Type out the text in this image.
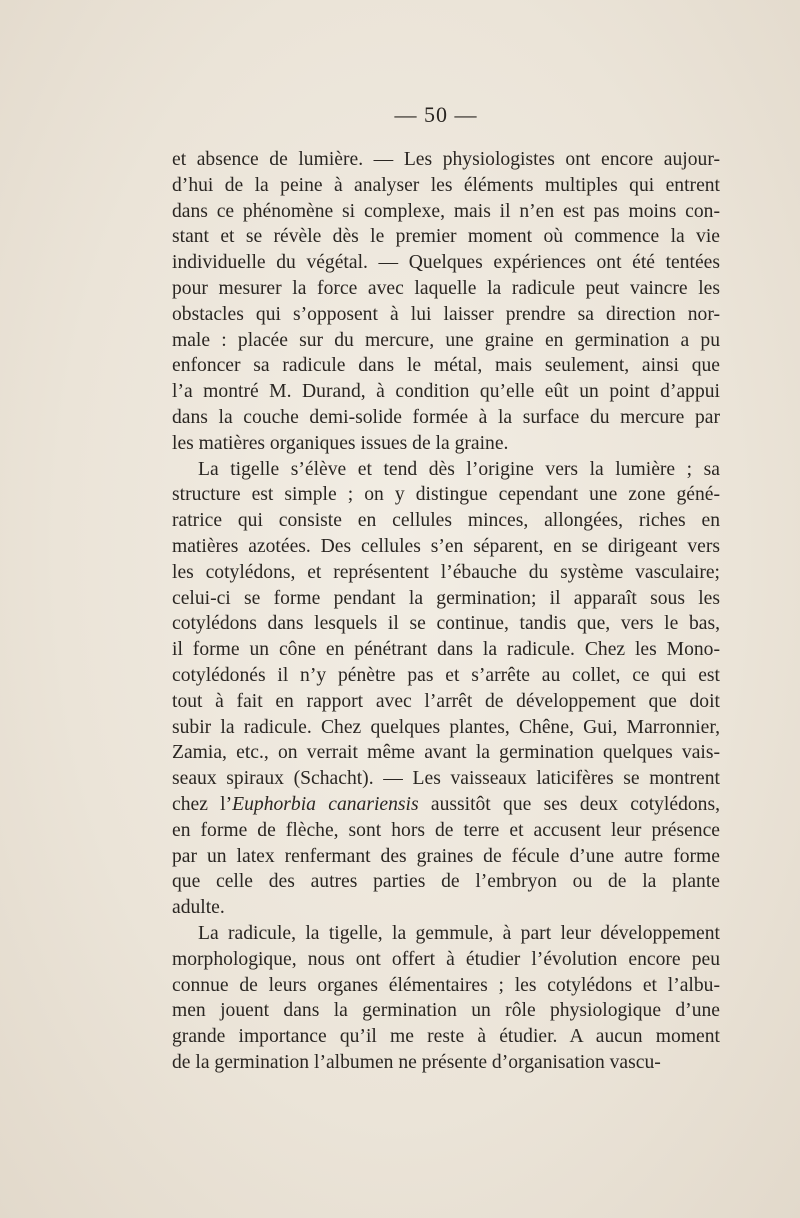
— 50 —

et absence de lumière. — Les physiologistes ont encore aujour-
d’hui de la peine à analyser les éléments multiples qui entrent
dans ce phénomène si complexe, mais il n’en est pas moins con-
stant et se révèle dès le premier moment où commence la vie
individuelle du végétal. — Quelques expériences ont été tentées
pour mesurer la force avec laquelle la radicule peut vaincre les
obstacles qui s’opposent à lui laisser prendre sa direction nor-
male : placée sur du mercure, une graine en germination a pu
enfoncer sa radicule dans le métal, mais seulement, ainsi que
l’a montré M. Durand, à condition qu’elle eût un point d’appui
dans la couche demi-solide formée à la surface du mercure par
les matières organiques issues de la graine.

La tigelle s’élève et tend dès l’origine vers la lumière ; sa
structure est simple ; on y distingue cependant une zone géné-
ratrice qui consiste en cellules minces, allongées, riches en
matières azotées. Des cellules s’en séparent, en se dirigeant vers
les cotylédons, et représentent l’ébauche du système vasculaire;
celui-ci se forme pendant la germination; il apparaît sous les
cotylédons dans lesquels il se continue, tandis que, vers le bas,
il forme un cône en pénétrant dans la radicule. Chez les Mono-
cotylédonés il n’y pénètre pas et s’arrête au collet, ce qui est
tout à fait en rapport avec l’arrêt de développement que doit
subir la radicule. Chez quelques plantes, Chêne, Gui, Marronnier,
Zamia, etc., on verrait même avant la germination quelques vais-
seaux spiraux (Schacht). — Les vaisseaux laticifères se montrent
chez l’Euphorbia canariensis aussitôt que ses deux cotylédons,
en forme de flèche, sont hors de terre et accusent leur présence
par un latex renfermant des graines de fécule d’une autre forme
que celle des autres parties de l’embryon ou de la plante
adulte.

La radicule, la tigelle, la gemmule, à part leur développement
morphologique, nous ont offert à étudier l’évolution encore peu
connue de leurs organes élémentaires ; les cotylédons et l’albu-
men jouent dans la germination un rôle physiologique d’une
grande importance qu’il me reste à étudier. A aucun moment
de la germination l’albumen ne présente d’organisation vascu-
